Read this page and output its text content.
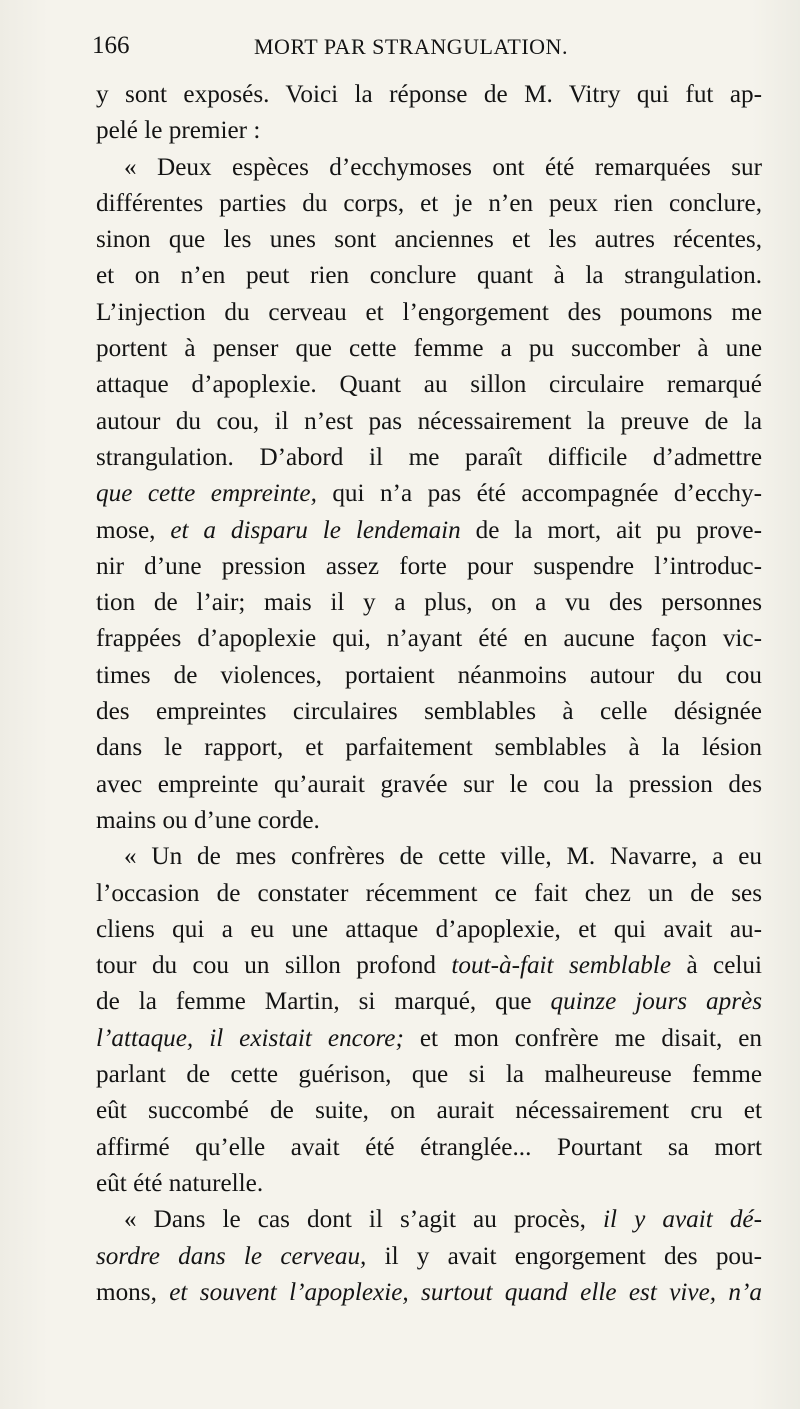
166	MORT PAR STRANGULATION.
y sont exposés. Voici la réponse de M. Vitry qui fut ap-
pelé le premier :
« Deux espèces d’ecchymoses ont été remarquées sur
différentes parties du corps, et je n’en peux rien conclure,
sinon que les unes sont anciennes et les autres récentes,
et on n’en peut rien conclure quant à la strangulation.
L’injection du cerveau et l’engorgement des poumons me
portent à penser que cette femme a pu succomber à une
attaque d’apoplexie. Quant au sillon circulaire remarqué
autour du cou, il n’est pas nécessairement la preuve de la
strangulation. D’abord il me paraît difficile d’admettre
que cette empreinte, qui n’a pas été accompagnée d’ecchy-
mose, et a disparu le lendemain de la mort, ait pu prove-
nir d’une pression assez forte pour suspendre l’introduc-
tion de l’air; mais il y a plus, on a vu des personnes
frappées d’apoplexie qui, n’ayant été en aucune façon vic-
times de violences, portaient néanmoins autour du cou
des empreintes circulaires semblables à celle désignée
dans le rapport, et parfaitement semblables à la lésion
avec empreinte qu’aurait gravée sur le cou la pression des
mains ou d’une corde.
« Un de mes confrères de cette ville, M. Navarre, a eu
l’occasion de constater récemment ce fait chez un de ses
cliens qui a eu une attaque d’apoplexie, et qui avait au-
tour du cou un sillon profond tout-à-fait semblable à celui
de la femme Martin, si marqué, que quinze jours après
l’attaque, il existait encore; et mon confrère me disait, en
parlant de cette guérison, que si la malheureuse femme
eût succombé de suite, on aurait nécessairement cru et
affirmé qu’elle avait été étranglée... Pourtant sa mort
eût été naturelle.
« Dans le cas dont il s’agit au procès, il y avait dé-
sordre dans le cerveau, il y avait engorgement des pou-
mons, et souvent l’apoplexie, surtout quand elle est vive, n’a
